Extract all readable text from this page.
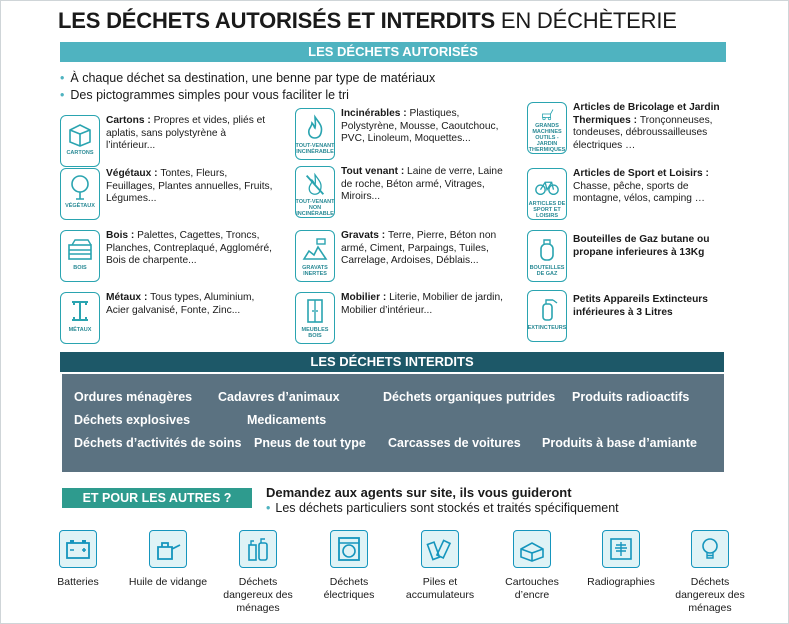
LES DÉCHETS AUTORISÉS ET INTERDITS EN DÉCHÈTERIE
LES DÉCHETS AUTORISÉS
• À chaque déchet sa destination, une benne par type de matériaux
• Des pictogrammes simples pour vous faciliter le tri
CARTONS
Cartons : Propres et vides, pliés et aplatis, sans polystyrène à l’intérieur...
VÉGÉTAUX
Végétaux : Tontes, Fleurs, Feuillages, Plantes annuelles, Fruits, Légumes...
BOIS
Bois : Palettes, Cagettes, Troncs, Planches, Contreplaqué, Aggloméré, Bois de charpente...
MÉTAUX
Métaux : Tous types, Aluminium, Acier galvanisé, Fonte, Zinc...
TOUT-VENANT INCINÉRABLE
Incinérables : Plastiques, Polystyrène, Mousse, Caoutchouc, PVC, Linoleum, Moquettes...
TOUT-VENANT NON INCINÉRABLE
Tout venant : Laine de verre, Laine de roche, Béton armé, Vitrages, Miroirs...
GRAVATS INERTES
Gravats : Terre, Pierre, Béton non armé, Ciment, Parpaings, Tuiles, Carrelage, Ardoises, Déblais...
MEUBLES BOIS
Mobilier : Literie, Mobilier de jardin, Mobilier d’intérieur...
GRANDS MACHINES OUTILS - JARDIN THERMIQUES
Articles de Bricolage et Jardin Thermiques : Tronçonneuses, tondeuses, débroussailleuses électriques …
ARTICLES DE SPORT ET LOISIRS
Articles de Sport et Loisirs : Chasse, pêche, sports de montagne, vélos, camping …
BOUTEILLES DE GAZ
Bouteilles de Gaz butane ou propane inferieures à 13Kg
EXTINCTEURS
Petits Appareils Extincteurs inférieures à 3 Litres
LES DÉCHETS INTERDITS
Ordures ménagères Cadavres d’animaux	Déchets organiques putrides Produits radioactifs
Déchets explosives	Medicaments
Déchets d’activités de soins Pneus de tout type Carcasses de voitures Produits à base d’amiante
ET POUR LES AUTRES ?	Demandez aux agents sur site, ils vous guideront
• Les déchets particuliers sont stockés et traités spécifiquement
Batteries	Huile de vidange	Déchets dangereux des ménages
Déchets électriques
Piles et accumulateurs
Cartouches d’encre
Radiographies	Déchets dangereux des ménages
